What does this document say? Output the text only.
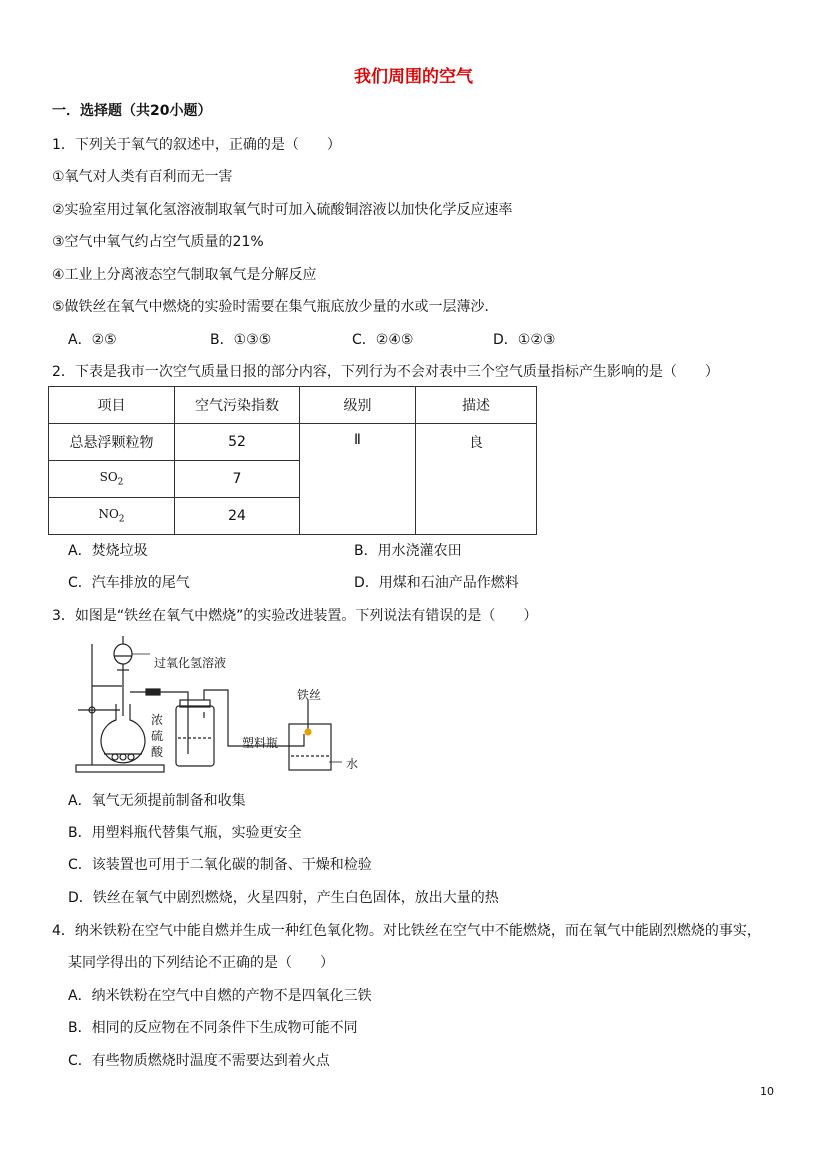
我们周围的空气
一．选择题（共20小题）
1．下列关于氧气的叙述中，正确的是（　　）
①氧气对人类有百利而无一害
②实验室用过氧化氢溶液制取氧气时可加入硫酸铜溶液以加快化学反应速率
③空气中氧气约占空气质量的21%
④工业上分离液态空气制取氧气是分解反应
⑤做铁丝在氧气中燃烧的实验时需要在集气瓶底放少量的水或一层薄沙．
A．②⑤	B．①③⑤	C．②④⑤	D．①②③
2．下表是我市一次空气质量日报的部分内容，下列行为不会对表中三个空气质量指标产生影响的是（　　）
项目	空气污染指数	级别	描述
总悬浮颗粒物	52	Ⅱ	良
$SO_2$	7		
$NO_2$	24		
A．焚烧垃圾	B．用水浇灌农田
C．汽车排放的尾气	D．用煤和石油产品作燃料
3．如图是“铁丝在氧气中燃烧”的实验改进装置。下列说法有错误的是（　　）
过氧化氢溶液
浓
硫
酸
铁丝
塑料瓶
水
A．氧气无须提前制备和收集
B．用塑料瓶代替集气瓶，实验更安全
C．该装置也可用于二氧化碳的制备、干燥和检验
D．铁丝在氧气中剧烈燃烧，火星四射，产生白色固体，放出大量的热
4．纳米铁粉在空气中能自燃并生成一种红色氧化物。对比铁丝在空气中不能燃烧，而在氧气中能剧烈燃烧的事实，
某同学得出的下列结论不正确的是（　　）
A．纳米铁粉在空气中自燃的产物不是四氧化三铁
B．相同的反应物在不同条件下生成物可能不同
C．有些物质燃烧时温度不需要达到着火点
10
